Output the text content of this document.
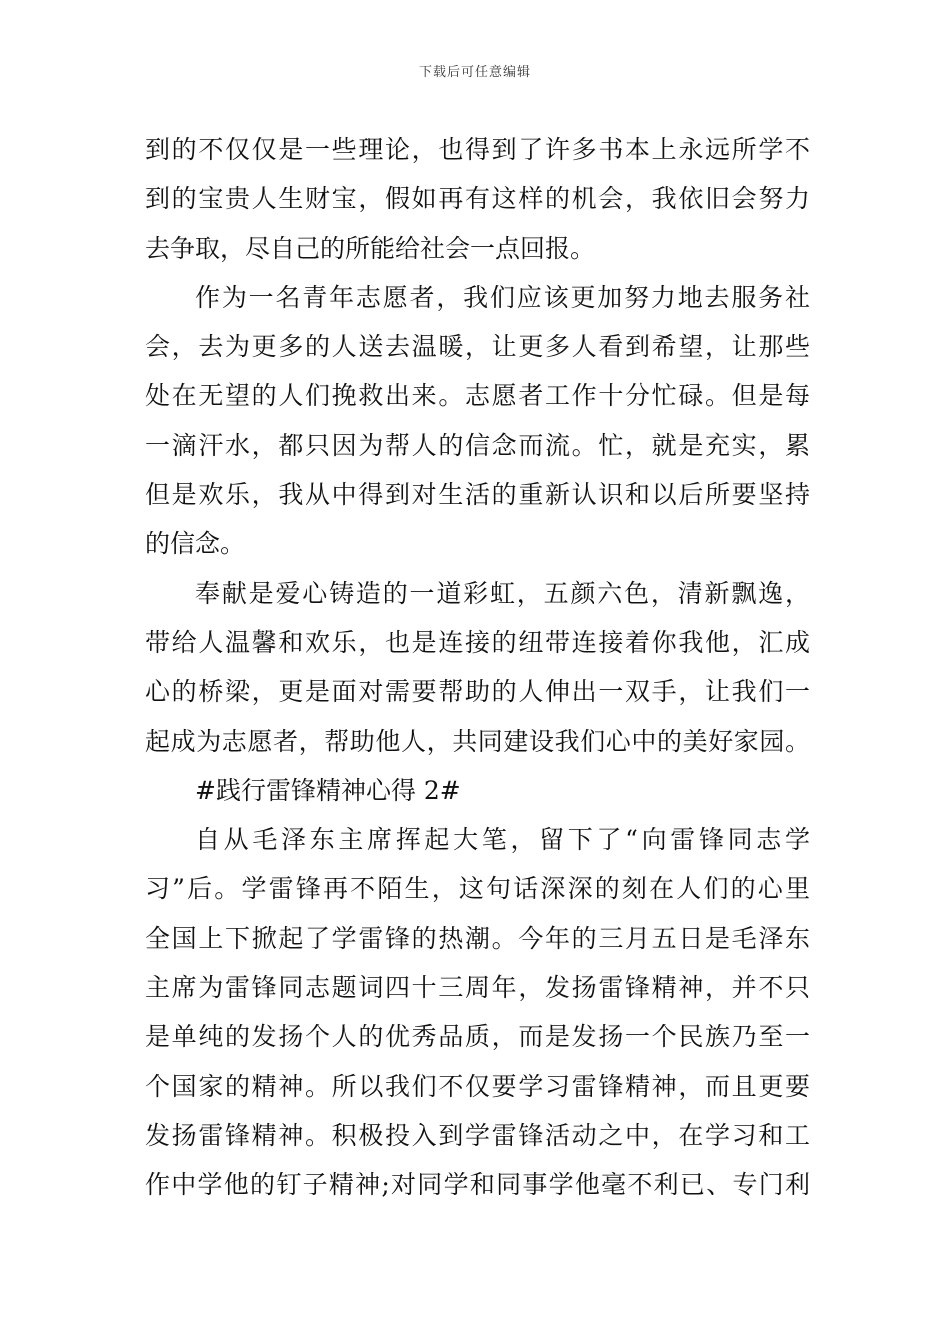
下载后可任意编辑
到的不仅仅是一些理论，也得到了许多书本上永远所学不
到的宝贵人生财宝，假如再有这样的机会，我依旧会努力
去争取，尽自己的所能给社会一点回报。
作为一名青年志愿者，我们应该更加努力地去服务社
会，去为更多的人送去温暖，让更多人看到希望，让那些
处在无望的人们挽救出来。志愿者工作十分忙碌。但是每
一滴汗水，都只因为帮人的信念而流。忙，就是充实，累
但是欢乐，我从中得到对生活的重新认识和以后所要坚持
的信念。
奉献是爱心铸造的一道彩虹，五颜六色，清新飘逸，
带给人温馨和欢乐，也是连接的纽带连接着你我他，汇成
心的桥梁，更是面对需要帮助的人伸出一双手，让我们一
起成为志愿者，帮助他人，共同建设我们心中的美好家园。
#践行雷锋精神心得 2#
自从毛泽东主席挥起大笔，留下了“向雷锋同志学
习”后。学雷锋再不陌生，这句话深深的刻在人们的心里
全国上下掀起了学雷锋的热潮。今年的三月五日是毛泽东
主席为雷锋同志题词四十三周年，发扬雷锋精神，并不只
是单纯的发扬个人的优秀品质，而是发扬一个民族乃至一
个国家的精神。所以我们不仅要学习雷锋精神，而且更要
发扬雷锋精神。积极投入到学雷锋活动之中，在学习和工
作中学他的钉子精神;对同学和同事学他毫不利已、专门利
